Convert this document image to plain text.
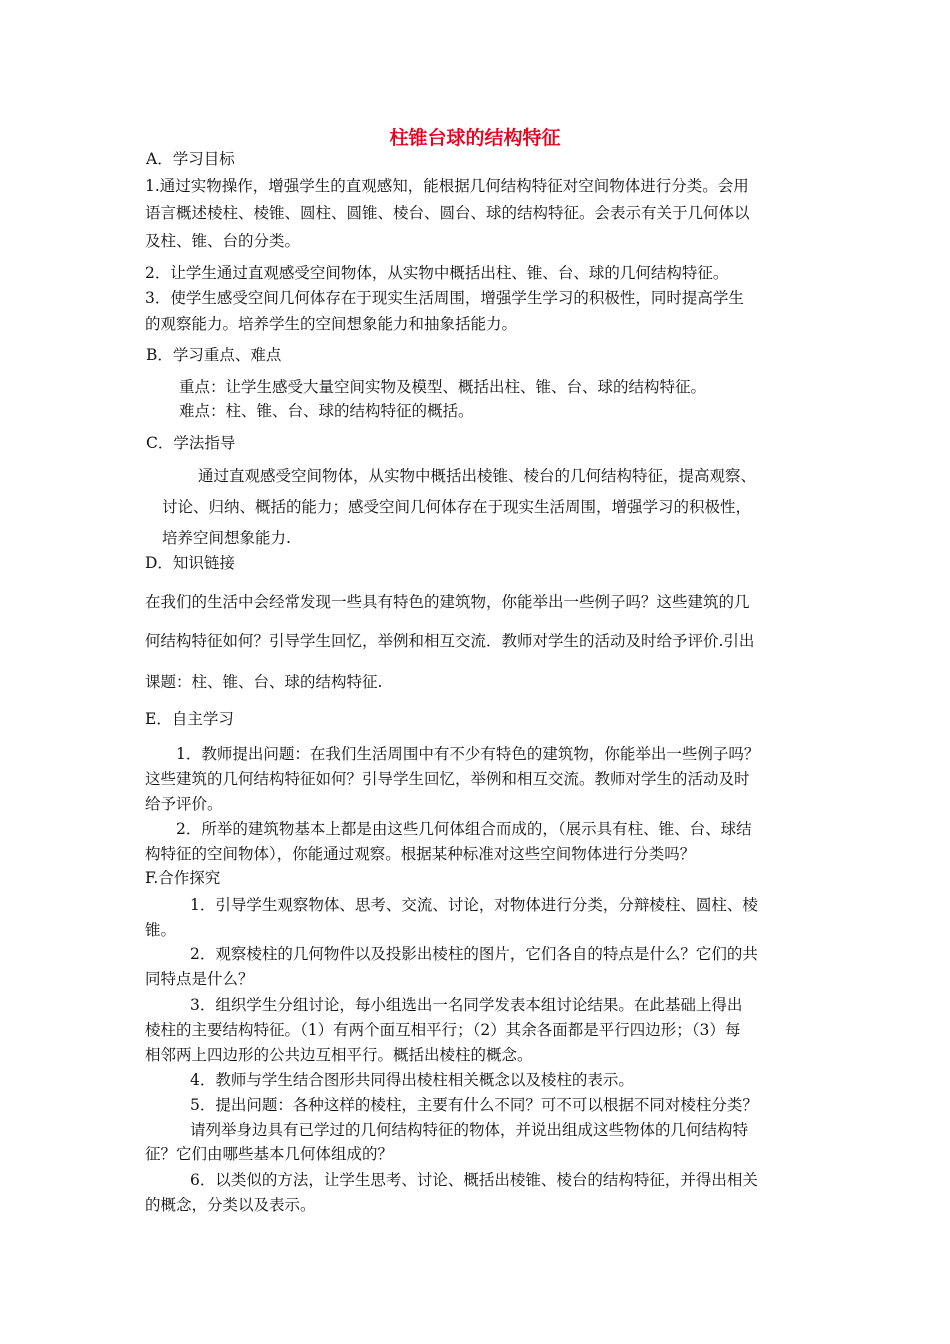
柱锥台球的结构特征
A．学习目标
1.通过实物操作，增强学生的直观感知，能根据几何结构特征对空间物体进行分类。会用
语言概述棱柱、棱锥、圆柱、圆锥、棱台、圆台、球的结构特征。会表示有关于几何体以
及柱、锥、台的分类。
2．让学生通过直观感受空间物体，从实物中概括出柱、锥、台、球的几何结构特征。
3．使学生感受空间几何体存在于现实生活周围，增强学生学习的积极性，同时提高学生
的观察能力。培养学生的空间想象能力和抽象括能力。
B．学习重点、难点
重点：让学生感受大量空间实物及模型、概括出柱、锥、台、球的结构特征。
难点：柱、锥、台、球的结构特征的概括。
C．学法指导
通过直观感受空间物体，从实物中概括出棱锥、棱台的几何结构特征，提高观察、
讨论、归纳、概括的能力；感受空间几何体存在于现实生活周围，增强学习的积极性，
培养空间想象能力.
D．知识链接
在我们的生活中会经常发现一些具有特色的建筑物，你能举出一些例子吗？这些建筑的几
何结构特征如何？引导学生回忆，举例和相互交流．教师对学生的活动及时给予评价.引出
课题：柱、锥、台、球的结构特征.
E．自主学习
1．教师提出问题：在我们生活周围中有不少有特色的建筑物，你能举出一些例子吗？
这些建筑的几何结构特征如何？引导学生回忆，举例和相互交流。教师对学生的活动及时
给予评价。
2．所举的建筑物基本上都是由这些几何体组合而成的，（展示具有柱、锥、台、球结
构特征的空间物体），你能通过观察。根据某种标准对这些空间物体进行分类吗？
F.合作探究
1．引导学生观察物体、思考、交流、讨论，对物体进行分类，分辩棱柱、圆柱、棱
锥。
2．观察棱柱的几何物件以及投影出棱柱的图片，它们各自的特点是什么？它们的共
同特点是什么？
3．组织学生分组讨论，每小组选出一名同学发表本组讨论结果。在此基础上得出
棱柱的主要结构特征。（1）有两个面互相平行；（2）其余各面都是平行四边形；（3）每
相邻两上四边形的公共边互相平行。概括出棱柱的概念。
4．教师与学生结合图形共同得出棱柱相关概念以及棱柱的表示。
5．提出问题：各种这样的棱柱，主要有什么不同？可不可以根据不同对棱柱分类？
请列举身边具有已学过的几何结构特征的物体，并说出组成这些物体的几何结构特
征？它们由哪些基本几何体组成的？
6．以类似的方法，让学生思考、讨论、概括出棱锥、棱台的结构特征，并得出相关
的概念，分类以及表示。
